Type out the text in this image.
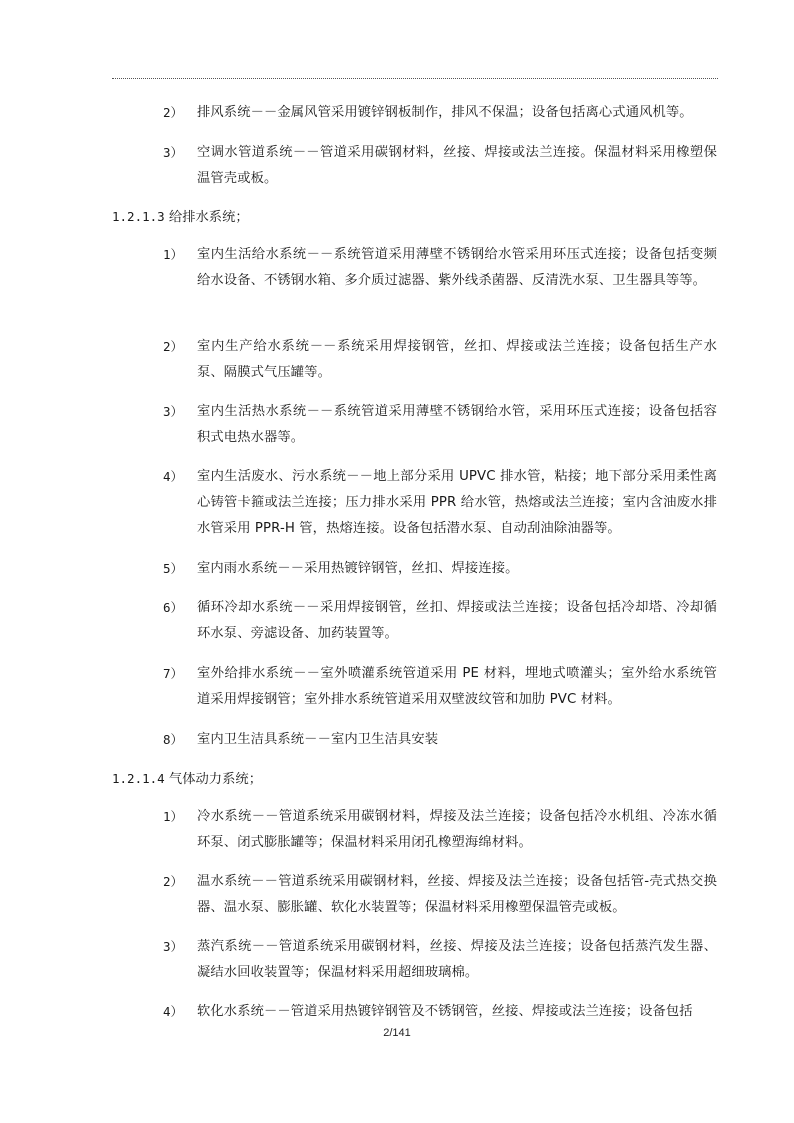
2） 排风系统－－金属风管采用镀锌钢板制作，排风不保温；设备包括离心式通风机等。
3） 空调水管道系统－－管道采用碳钢材料，丝接、焊接或法兰连接。保温材料采用橡塑保温管壳或板。
1.2.1.3 给排水系统；
1） 室内生活给水系统－－系统管道采用薄壁不锈钢给水管采用环压式连接；设备包括变频给水设备、不锈钢水箱、多介质过滤器、紫外线杀菌器、反清洗水泵、卫生器具等等。
2） 室内生产给水系统－－系统采用焊接钢管，丝扣、焊接或法兰连接；设备包括生产水泵、隔膜式气压罐等。
3） 室内生活热水系统－－系统管道采用薄壁不锈钢给水管，采用环压式连接；设备包括容积式电热水器等。
4） 室内生活废水、污水系统－－地上部分采用 UPVC 排水管，粘接；地下部分采用柔性离心铸管卡箍或法兰连接；压力排水采用 PPR 给水管，热熔或法兰连接；室内含油废水排水管采用 PPR-H 管，热熔连接。设备包括潜水泵、自动刮油除油器等。
5） 室内雨水系统－－采用热镀锌钢管，丝扣、焊接连接。
6） 循环冷却水系统－－采用焊接钢管，丝扣、焊接或法兰连接；设备包括冷却塔、冷却循环水泵、旁滤设备、加药装置等。
7） 室外给排水系统－－室外喷灌系统管道采用 PE 材料，埋地式喷灌头；室外给水系统管道采用焊接钢管；室外排水系统管道采用双壁波纹管和加肋 PVC 材料。
8） 室内卫生洁具系统－－室内卫生洁具安装
1.2.1.4 气体动力系统；
1） 冷水系统－－管道系统采用碳钢材料，焊接及法兰连接；设备包括冷水机组、冷冻水循环泵、闭式膨胀罐等；保温材料采用闭孔橡塑海绵材料。
2） 温水系统－－管道系统采用碳钢材料，丝接、焊接及法兰连接；设备包括管-壳式热交换器、温水泵、膨胀罐、软化水装置等；保温材料采用橡塑保温管壳或板。
3） 蒸汽系统－－管道系统采用碳钢材料，丝接、焊接及法兰连接；设备包括蒸汽发生器、凝结水回收装置等；保温材料采用超细玻璃棉。
4） 软化水系统－－管道采用热镀锌钢管及不锈钢管，丝接、焊接或法兰连接；设备包括
2/141
